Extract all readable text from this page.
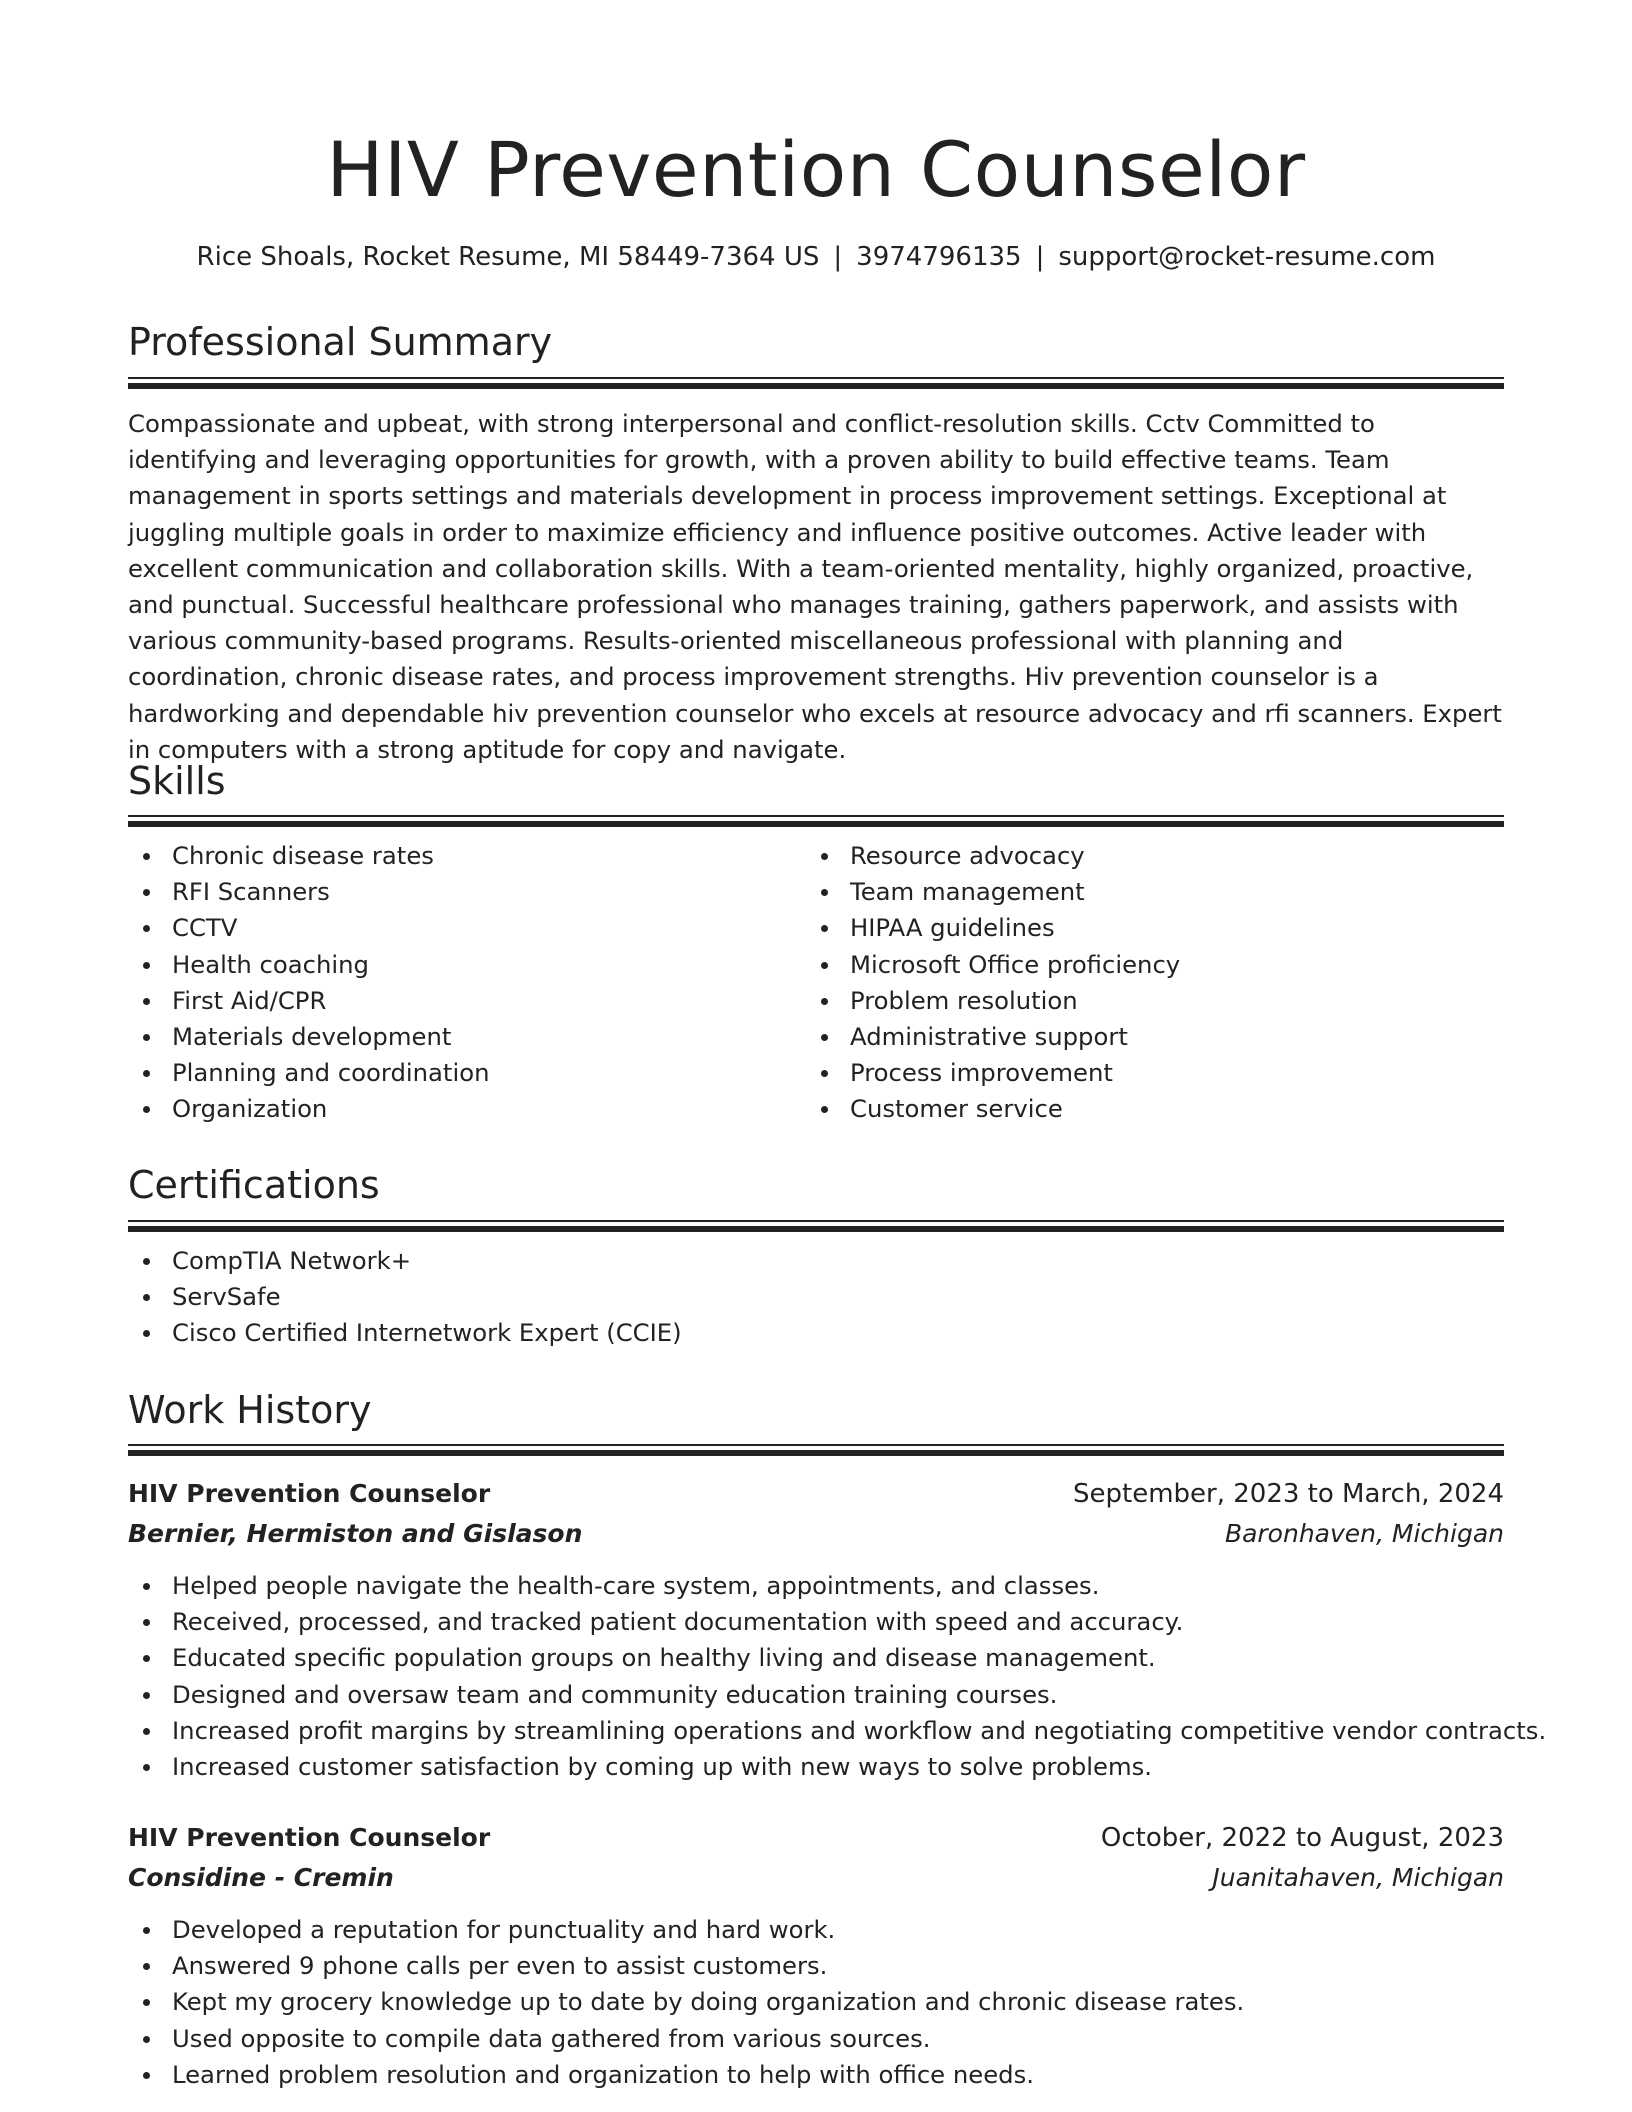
HIV Prevention Counselor
Rice Shoals, Rocket Resume, MI 58449-7364 US | 3974796135 | support@rocket-resume.com
Professional Summary

Compassionate and upbeat, with strong interpersonal and conflict-resolution skills. Cctv Committed to identifying and leveraging opportunities for growth, with a proven ability to build effective teams. Team management in sports settings and materials development in process improvement settings. Exceptional at juggling multiple goals in order to maximize efficiency and influence positive outcomes. Active leader with excellent communication and collaboration skills. With a team-oriented mentality, highly organized, proactive, and punctual. Successful healthcare professional who manages training, gathers paperwork, and assists with various community-based programs. Results-oriented miscellaneous professional with planning and coordination, chronic disease rates, and process improvement strengths. Hiv prevention counselor is a hardworking and dependable hiv prevention counselor who excels at resource advocacy and rfi scanners. Expert in computers with a strong aptitude for copy and navigate.

Skills
Chronic disease rates
RFI Scanners
CCTV
Health coaching
First Aid/CPR
Materials development
Planning and coordination
Organization
Resource advocacy
Team management
HIPAA guidelines
Microsoft Office proficiency
Problem resolution
Administrative support
Process improvement
Customer service
Certifications
CompTIA Network+
ServSafe
Cisco Certified Internetwork Expert (CCIE)
Work History
HIV Prevention Counselor	September, 2023 to March, 2024
Bernier, Hermiston and Gislason	Baronhaven, Michigan
Helped people navigate the health-care system, appointments, and classes.
Received, processed, and tracked patient documentation with speed and accuracy.
Educated specific population groups on healthy living and disease management.
Designed and oversaw team and community education training courses.
Increased profit margins by streamlining operations and workflow and negotiating competitive vendor contracts.
Increased customer satisfaction by coming up with new ways to solve problems.
HIV Prevention Counselor	October, 2022 to August, 2023
Considine - Cremin	Juanitahaven, Michigan
Developed a reputation for punctuality and hard work.
Answered 9 phone calls per even to assist customers.
Kept my grocery knowledge up to date by doing organization and chronic disease rates.
Used opposite to compile data gathered from various sources.
Learned problem resolution and organization to help with office needs.
